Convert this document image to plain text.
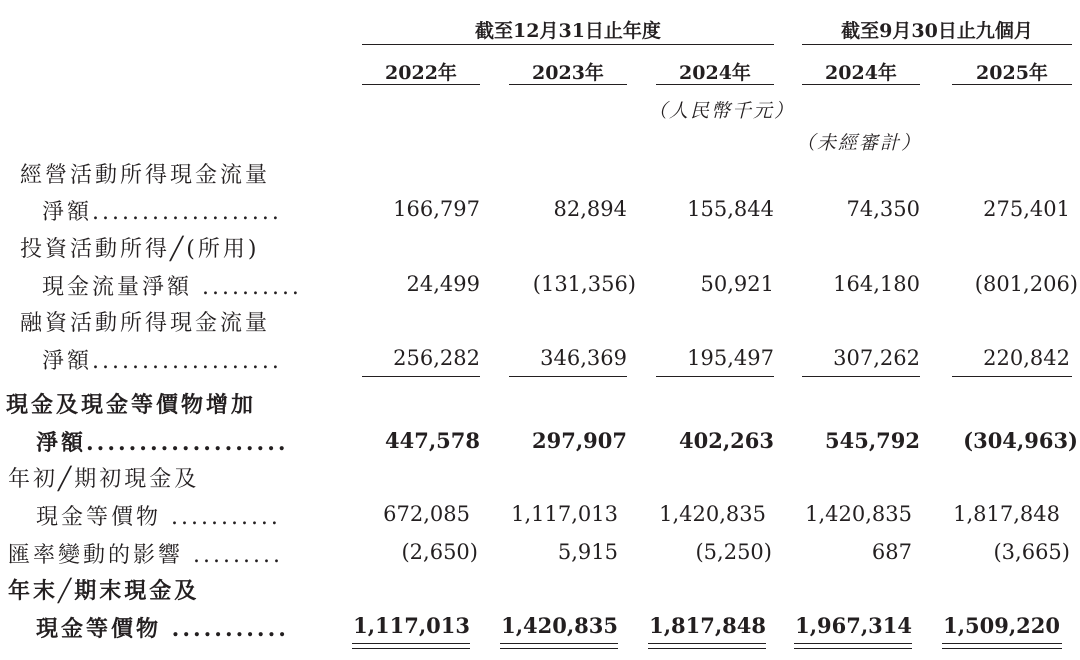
截至12月31日止年度	截至9月30日止九個月
2022年	2023年	2024年	2024年	2025年
（人民幣千元）
（未經審計）
經營活動所得現金流量
淨額...................	166,797	82,894	155,844	74,350	275,401
投資活動所得╱(所用)
現金流量淨額 ..........	24,499	(131,356)	50,921	164,180	(801,206)
融資活動所得現金流量
淨額...................	256,282	346,369	195,497	307,262	220,842
現金及現金等價物增加
淨額...................	447,578	297,907	402,263	545,792	(304,963)
年初╱期初現金及
現金等價物 ...........	672,085	1,117,013	1,420,835	1,420,835	1,817,848
匯率變動的影響 .........	(2,650)	5,915	(5,250)	687	(3,665)
年末╱期末現金及
現金等價物 ...........	1,117,013	1,420,835	1,817,848	1,967,314	1,509,220
